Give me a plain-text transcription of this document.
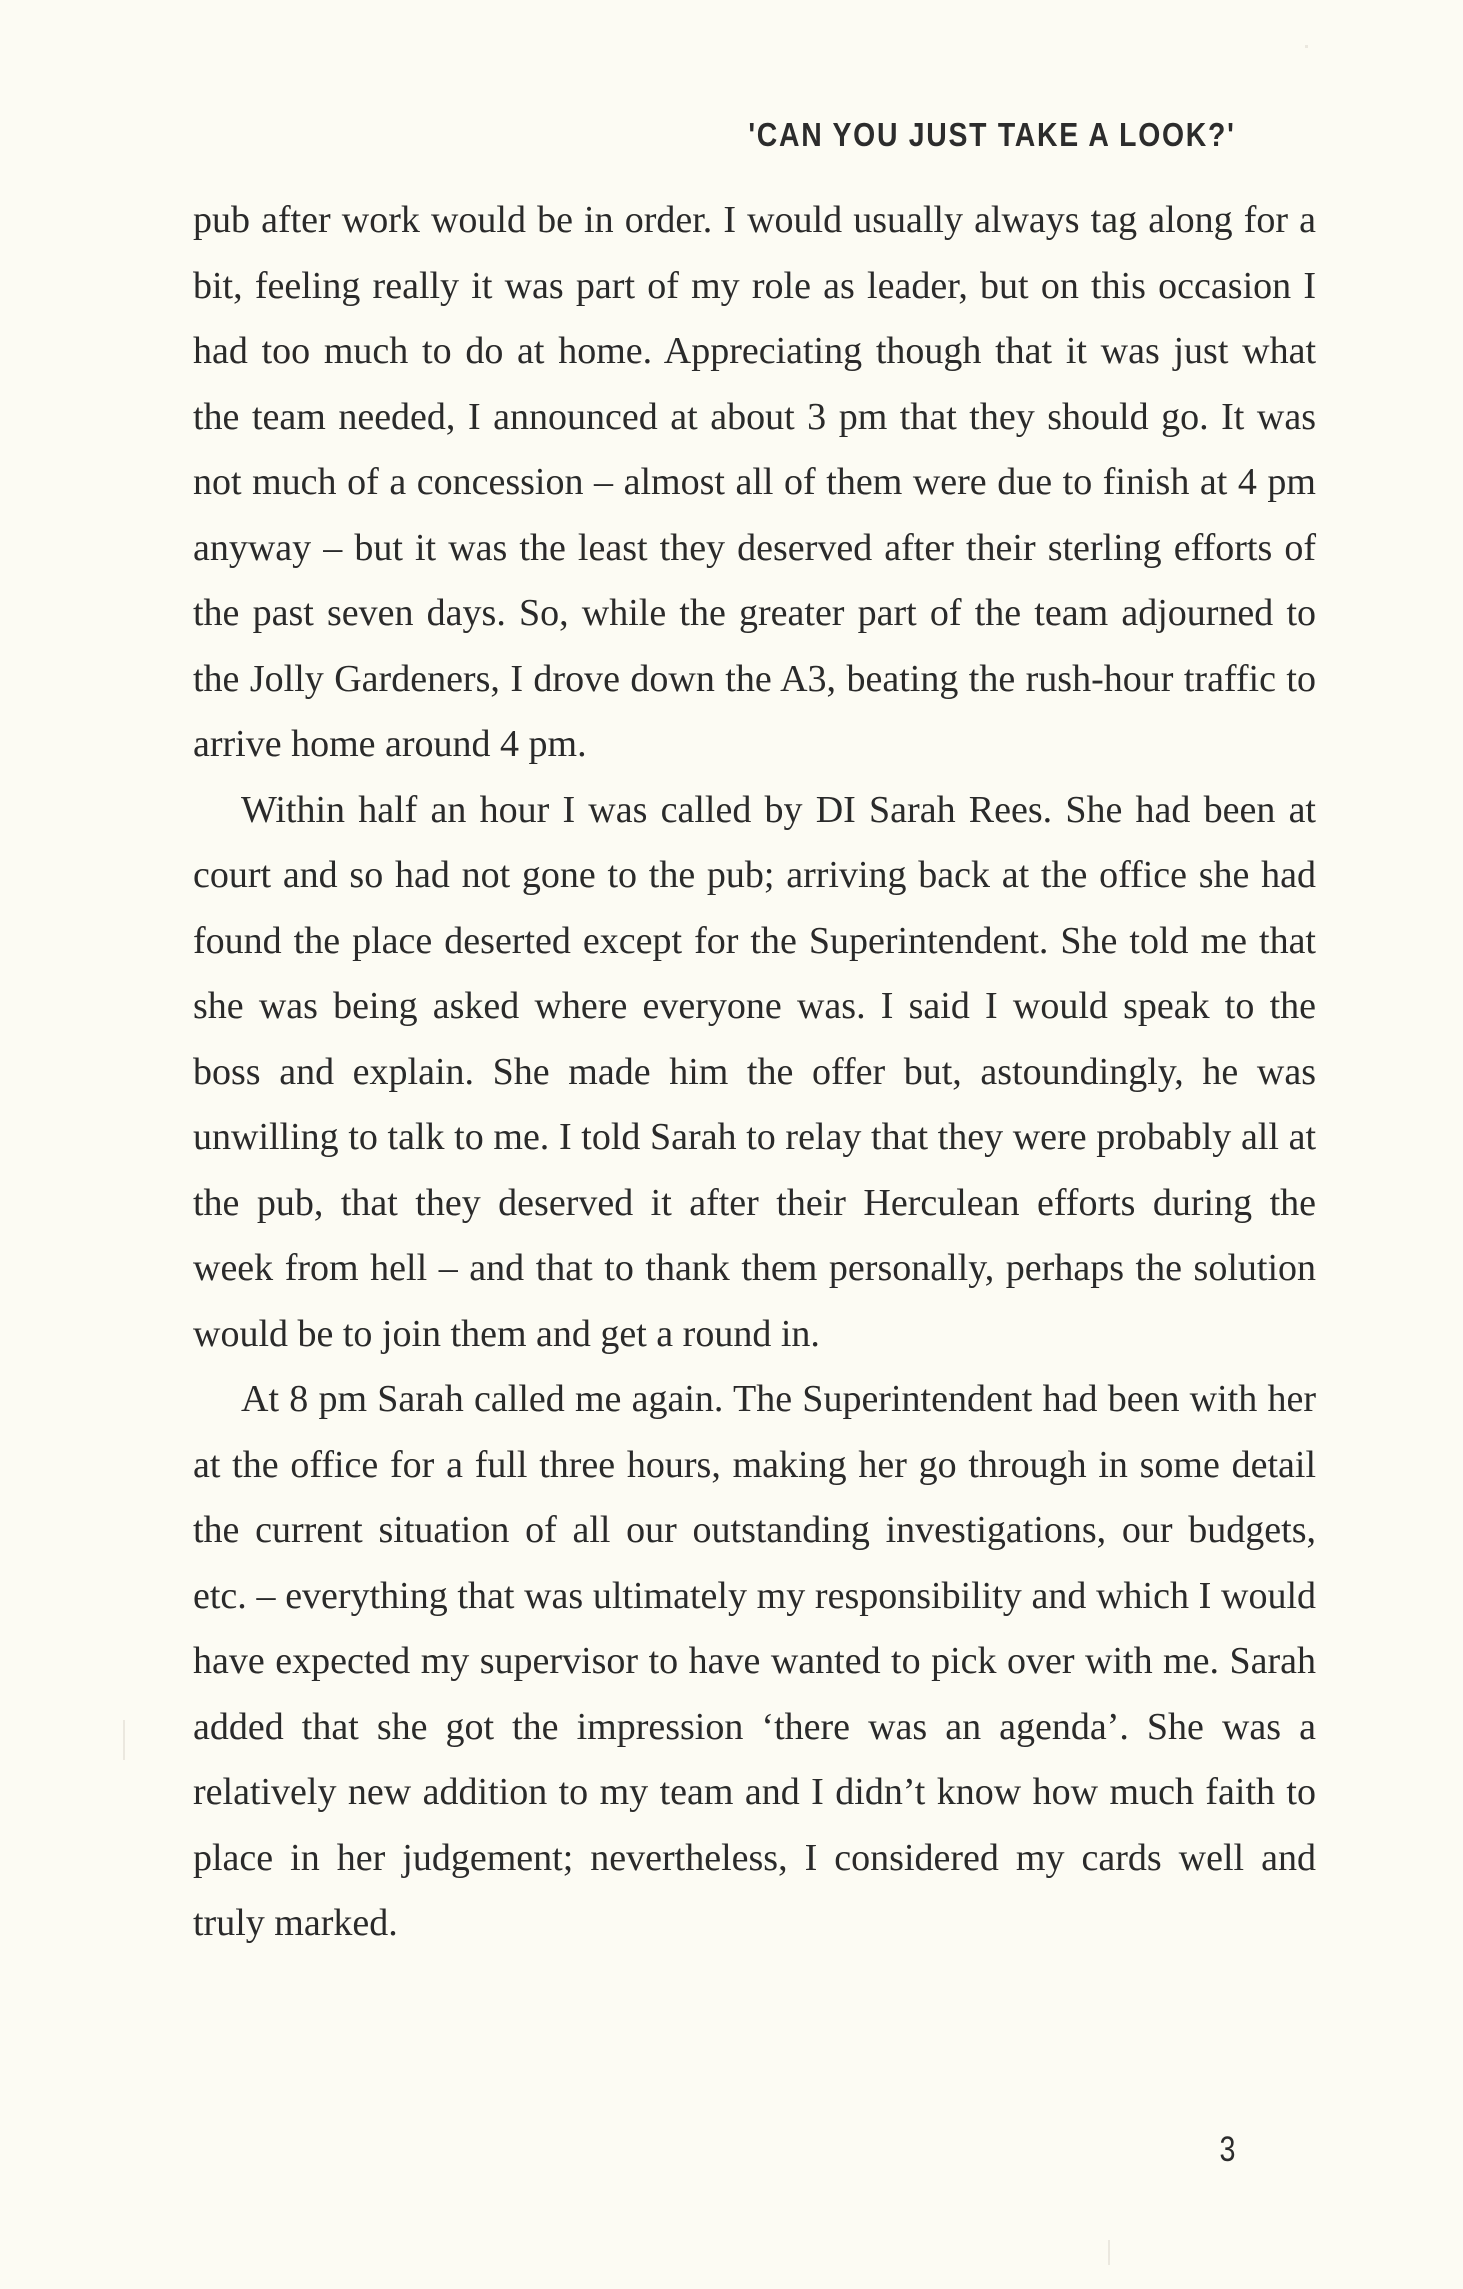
'CAN YOU JUST TAKE A LOOK?'

pub after work would be in order. I would usually always tag along for a bit, feeling really it was part of my role as leader, but on this occasion I had too much to do at home. Appreciating though that it was just what the team needed, I announced at about 3 pm that they should go. It was not much of a concession – almost all of them were due to finish at 4 pm anyway – but it was the least they deserved after their sterling efforts of the past seven days. So, while the greater part of the team adjourned to the Jolly Gardeners, I drove down the A3, beating the rush-hour traffic to arrive home around 4 pm.

Within half an hour I was called by DI Sarah Rees. She had been at court and so had not gone to the pub; arriving back at the office she had found the place deserted except for the Superintendent. She told me that she was being asked where everyone was. I said I would speak to the boss and explain. She made him the offer but, astoundingly, he was unwilling to talk to me. I told Sarah to relay that they were probably all at the pub, that they deserved it after their Herculean efforts during the week from hell – and that to thank them personally, perhaps the solution would be to join them and get a round in.

At 8 pm Sarah called me again. The Superintendent had been with her at the office for a full three hours, making her go through in some detail the current situation of all our outstanding investigations, our budgets, etc. – everything that was ultimately my responsibility and which I would have expected my supervisor to have wanted to pick over with me. Sarah added that she got the impression ‘there was an agenda’. She was a relatively new addition to my team and I didn’t know how much faith to place in her judgement; nevertheless, I considered my cards well and truly marked.

3
